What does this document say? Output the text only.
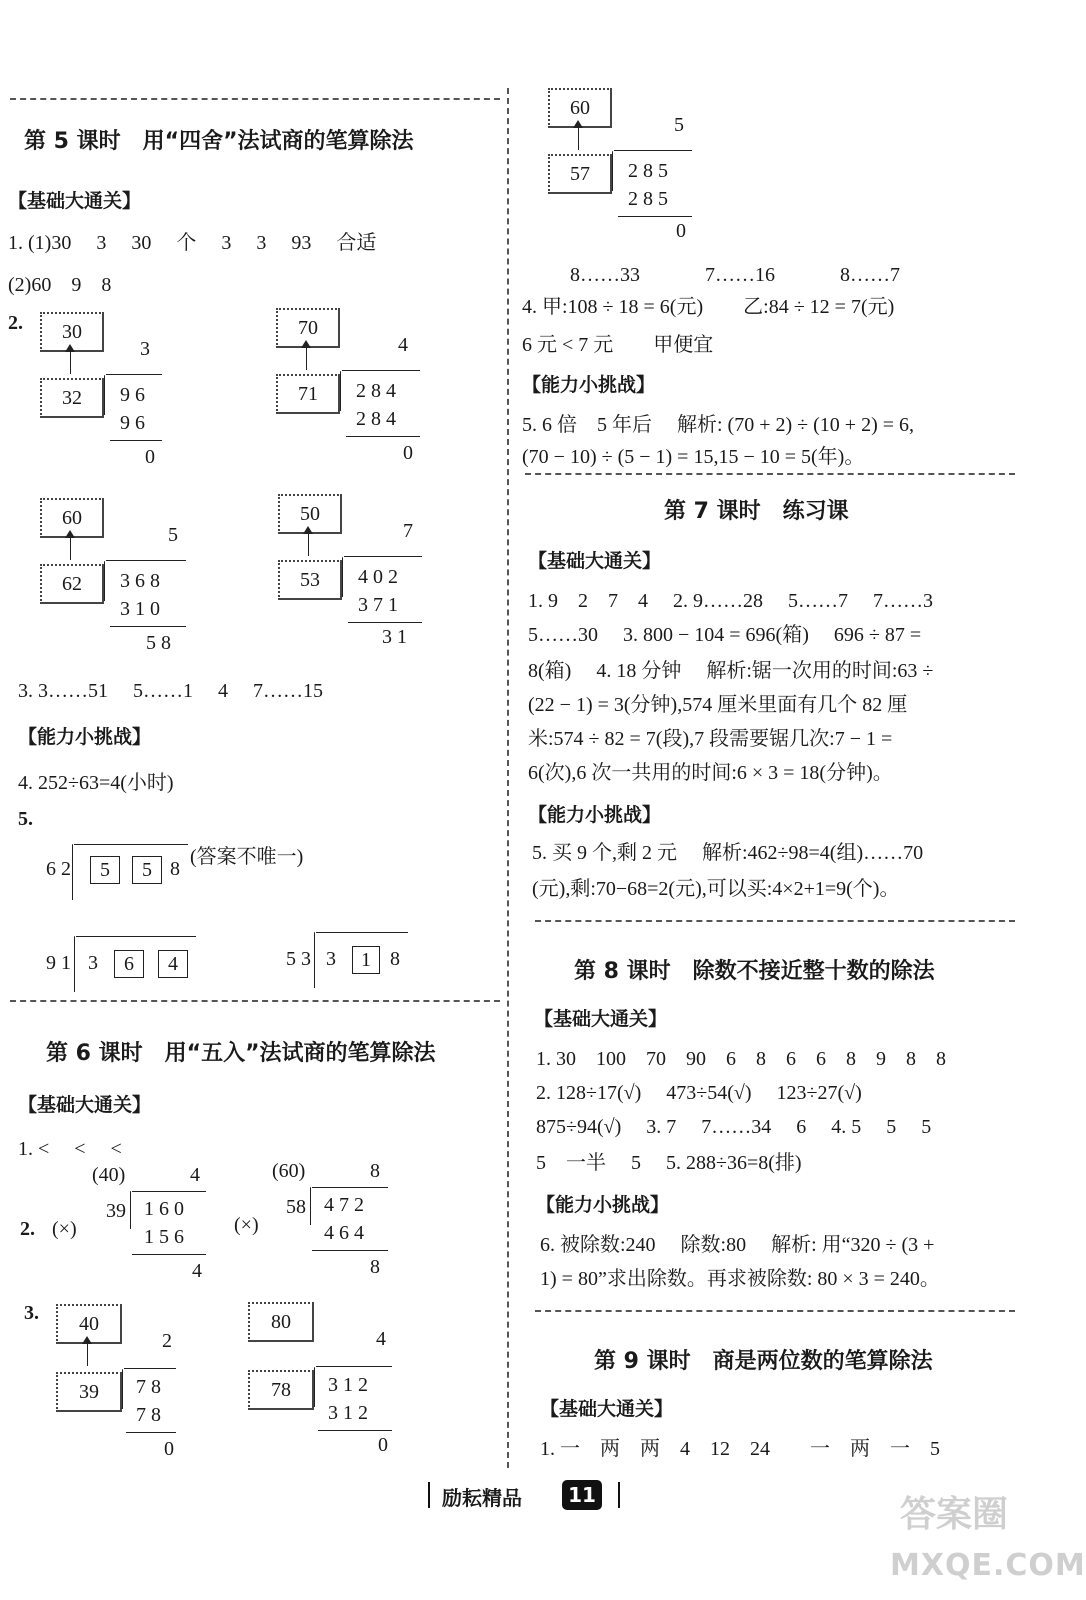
第 5 课时　用“四舍”法试商的笔算除法
【基础大通关】
1. (1)30　 3　 30　 个　 3　 3　 93　 合适
(2)60　9　8
2.	30
3
32	9 6
9 6
0
70
4
71	2 8 4
2 8 4
0
60
5
62	3 6 8
3 1 0
5 8
50
7
53	4 0 2
3 7 1
3 1
3. 3……51　 5……1　 4　 7……15
【能力小挑战】
4. 252÷63=4(小时)
5.
6 2	5	5 8
(答案不唯一)
9 1 3	6	4	5 3 3	1 8
第 6 课时　用“五入”法试商的笔算除法
【基础大通关】
1. <　 <　 <
2. (×)
(40)	4
39 1 6 0
1 5 6
4
(×)
(60)	8
58 4 7 2
4 6 4
8
3.	40
2
39	7 8
7 8
0
80
4
78	3 1 2
3 1 2
0
60
5
57	2 8 5
2 8 5
0
8……33　　　 7……16　　　 8……7
4. 甲:108 ÷ 18 = 6(元)　　乙:84 ÷ 12 = 7(元)
6 元 < 7 元　　甲便宜
【能力小挑战】
5. 6 倍　5 年后　 解析: (70 + 2) ÷ (10 + 2) = 6,
(70 − 10) ÷ (5 − 1) = 15,15 − 10 = 5(年)。
第 7 课时　练习课
【基础大通关】
1. 9　2　7　4　 2. 9……28　 5……7　 7……3
5……30　 3. 800 − 104 = 696(箱)　 696 ÷ 87 =
8(箱)　 4. 18 分钟　 解析:锯一次用的时间:63 ÷
(22 − 1) = 3(分钟),574 厘米里面有几个 82 厘
米:574 ÷ 82 = 7(段),7 段需要锯几次:7 − 1 =
6(次),6 次一共用的时间:6 × 3 = 18(分钟)。
【能力小挑战】
5. 买 9 个,剩 2 元　 解析:462÷98=4(组)……70
(元),剩:70−68=2(元),可以买:4×2+1=9(个)。
第 8 课时　除数不接近整十数的除法
【基础大通关】
1. 30　100　70　90　6　8　6　6　8　9　8　8
2. 128÷17(√)　 473÷54(√)　 123÷27(√)
875÷94(√)　 3. 7　 7……34　 6　 4. 5　 5　 5
5　一半　 5　 5. 288÷36=8(排)
【能力小挑战】
6. 被除数:240　 除数:80　 解析: 用“320 ÷ (3 +
1) = 80”求出除数。再求被除数: 80 × 3 = 240。
第 9 课时　商是两位数的笔算除法
【基础大通关】
1. 一　两　两　4　12　24　　一　两　一　5
励耘精品	11	答案圈
MXQE.COM
